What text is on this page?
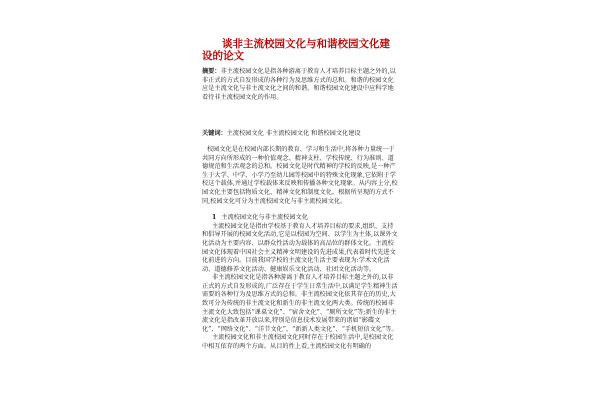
谈非主流校园文化与和谐校园文化建设的论文
摘要：非主流校园文化是指各种游离于教育人才培养目标主题之外的,以非正式的方式自发形成的各种行为及思维方式的总和。和谐的校园文化应是主流文化与非主流文化之间的和谐。和谐校园文化建设中应科学地看待非主流校园文化的作用。
关键词：主流校园文化 非主流校园文化 和谐校园文化建设
校园文化是在校园内部长期的教育、学习和生活中,将各种力量统一于共同方向所形成的一种价值观念、精神支柱、学校传统、行为准则、道德规范和生活观念的总和。校园文化是时代精神的学校的反映,是一种产生于大学、中学、小学乃至幼儿园等校园中的特殊文化现象,它依附于学校这个载体,并通过学校载体来反映和传播各种文化现象。从内容上分,校园文化主要包括物质文化、精神文化和制度文化。根据所呈现的方式不同,校园文化可分为主流校园文化与非主流校园文化。
1 主流校园文化与非主流校园文化
主流校园文化是指由学校基于教育人才培养目标的要求,组织、支持和倡导开展的校园文化活动,它是以校园为空间、以学生为主体,以课外文化活动为主要内容、以群众性活动为载体的高品位的群体文化。主流校园文化体现着中国社会主义精神文明建设的先进成果,代表着时代先进文化前进的方向。目前我国学校的主流文化生活主要表现为:学术文化活动、道德修养文化活动、健康娱乐文化活动、社团文化活动等。
非主流校园文化是指各种游离于教育人才培养目标主题之外的,以非正式的方式自发形成的,广泛存在于学生日常生活中,以满足学生精神生活需要的各种行为及思维方式的总和。非主流校园文化依其存在的历史,大致可分为传统的非主流文化和新生的非主流文化两大类。传统的校园非主流文化大致包括“课桌文化”、“宿舍文化”、“厕所文化”等;新生的非主流文化是指改革开放以来,特别是信息技术发展带来的诸如“影碟文化”、“网络文化”、“洋节文化”、“新新人类文化”、“手机短信文化”等。
主流校园文化和非主流校园文化同时存在于校园生活中,是校园文化中相互依存的两个方面。从目的性上看,主流校园文化有明确的
